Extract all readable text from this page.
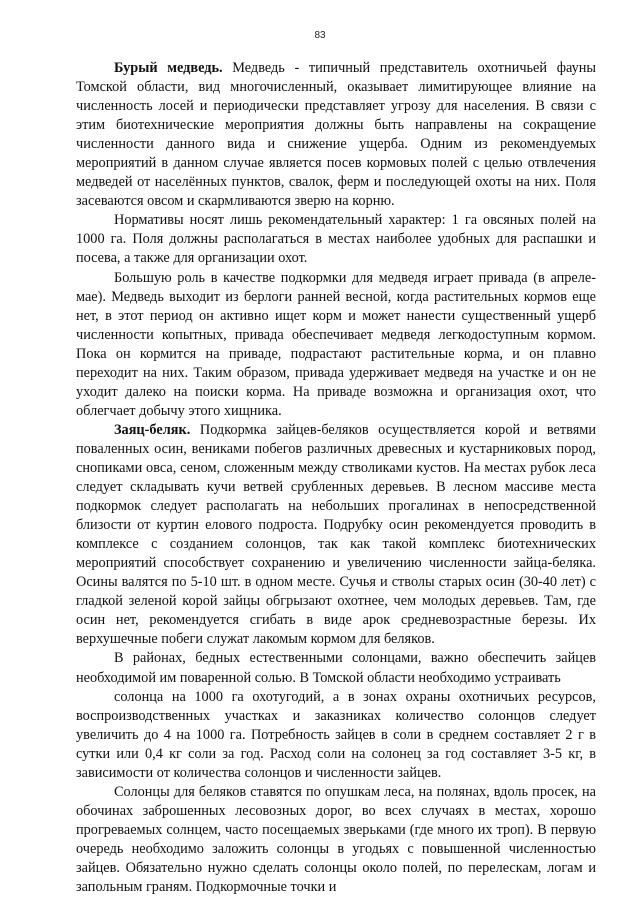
83

Бурый медведь. Медведь - типичный представитель охотничьей фауны Томской области, вид многочисленный, оказывает лимитирующее влияние на численность лосей и периодически представляет угрозу для населения. В связи с этим биотехнические мероприятия должны быть направлены на сокращение численности данного вида и снижение ущерба. Одним из рекомендуемых мероприятий в данном случае является посев кормовых полей с целью отвлечения медведей от населённых пунктов, свалок, ферм и последующей охоты на них. Поля засеваются овсом и скармливаются зверю на корню.

Нормативы носят лишь рекомендательный характер: 1 га овсяных полей на 1000 га. Поля должны располагаться в местах наиболее удобных для распашки и посева, а также для организации охот.

Большую роль в качестве подкормки для медведя играет привада (в апреле-мае). Медведь выходит из берлоги ранней весной, когда растительных кормов еще нет, в этот период он активно ищет корм и может нанести существенный ущерб численности копытных, привада обеспечивает медведя легкодоступным кормом. Пока он кормится на приваде, подрастают растительные корма, и он плавно переходит на них. Таким образом, привада удерживает медведя на участке и он не уходит далеко на поиски корма. На приваде возможна и организация охот, что облегчает добычу этого хищника.

Заяц-беляк. Подкормка зайцев-беляков осуществляется корой и ветвями поваленных осин, вениками побегов различных древесных и кустарниковых пород, снопиками овса, сеном, сложенным между стволиками кустов. На местах рубок леса следует складывать кучи ветвей срубленных деревьев. В лесном массиве места подкормок следует располагать на небольших прогалинах в непосредственной близости от куртин елового подроста. Подрубку осин рекомендуется проводить в комплексе с созданием солонцов, так как такой комплекс биотехнических мероприятий способствует сохранению и увеличению численности зайца-беляка. Осины валятся по 5-10 шт. в одном месте. Сучья и стволы старых осин (30-40 лет) с гладкой зеленой корой зайцы обгрызают охотнее, чем молодых деревьев. Там, где осин нет, рекомендуется сгибать в виде арок средневозрастные березы. Их верхушечные побеги служат лакомым кормом для беляков.

В районах, бедных естественными солонцами, важно обеспечить зайцев необходимой им поваренной солью. В Томской области необходимо устраивать

солонца на 1000 га охотугодий, а в зонах охраны охотничьих ресурсов, воспроизводственных участках и заказниках количество солонцов следует увеличить до 4 на 1000 га. Потребность зайцев в соли в среднем составляет 2 г в сутки или 0,4 кг соли за год. Расход соли на солонец за год составляет 3-5 кг, в зависимости от количества солонцов и численности зайцев.

Солонцы для беляков ставятся по опушкам леса, на полянах, вдоль просек, на обочинах заброшенных лесовозных дорог, во всех случаях в местах, хорошо прогреваемых солнцем, часто посещаемых зверьками (где много их троп). В первую очередь необходимо заложить солонцы в угодьях с повышенной численностью зайцев. Обязательно нужно сделать солонцы около полей, по перелескам, логам и запольным граням. Подкормочные точки и
